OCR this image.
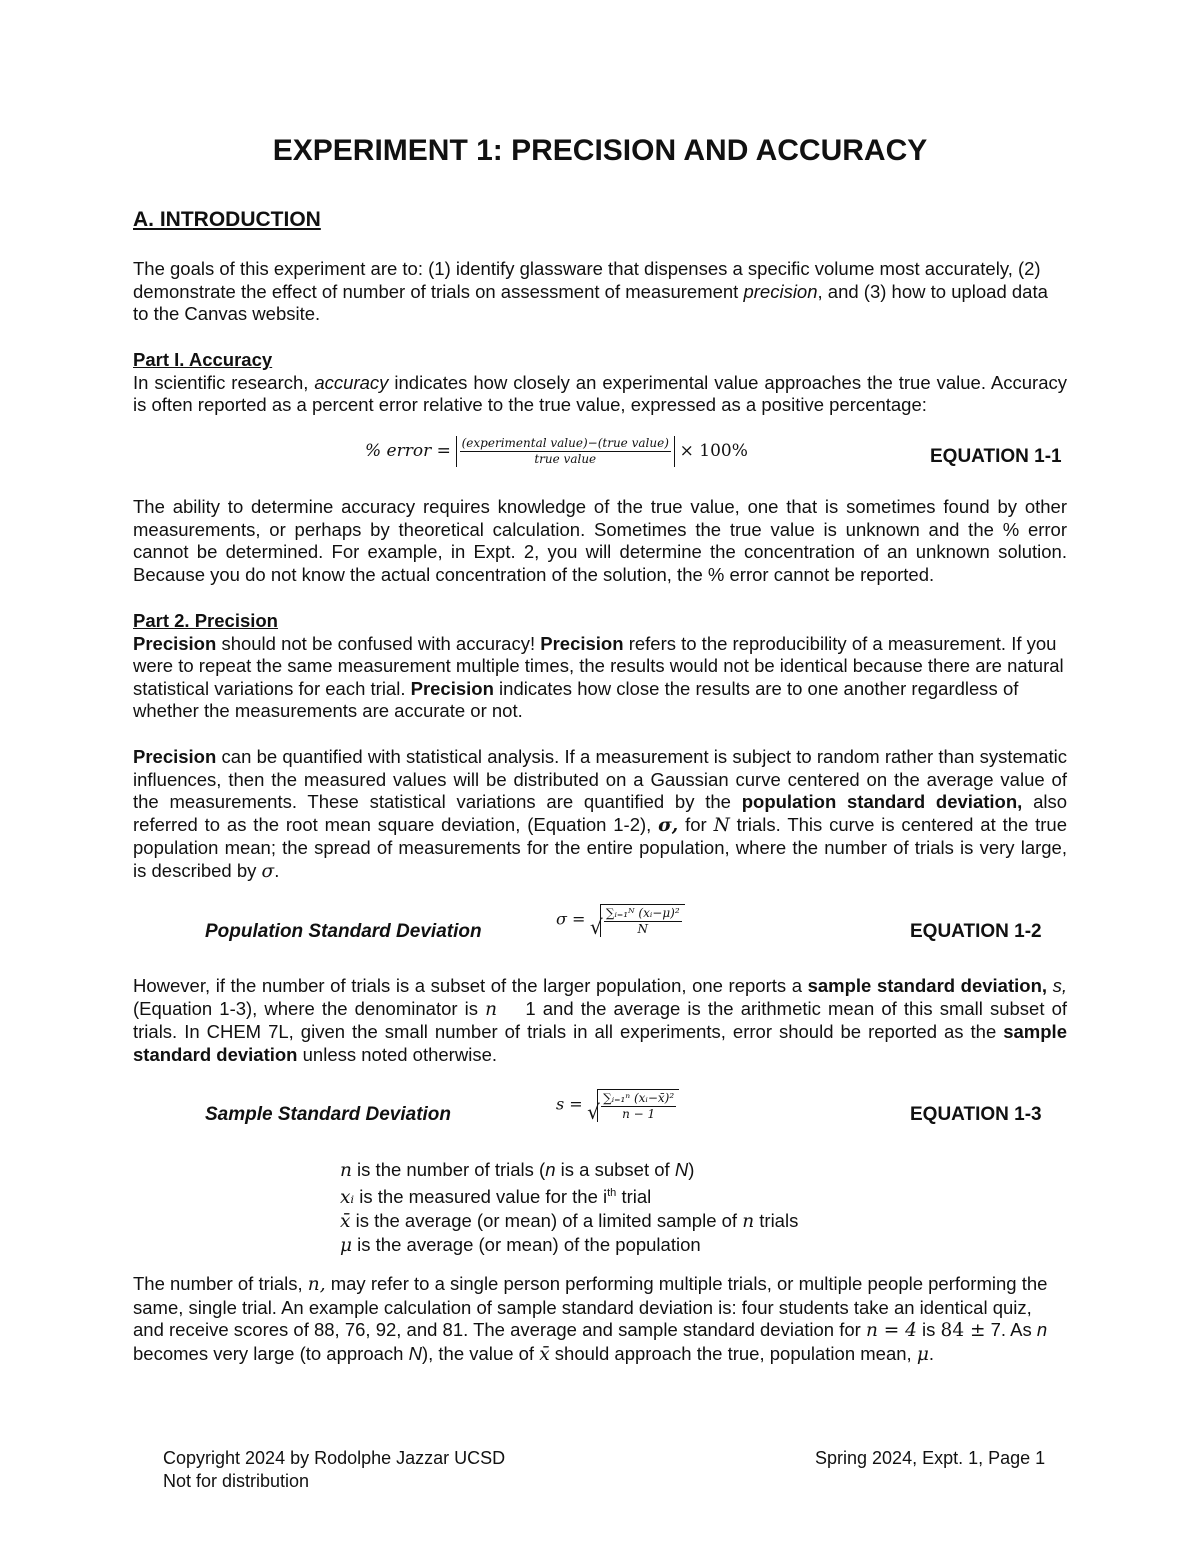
EXPERIMENT 1: PRECISION AND ACCURACY
A. INTRODUCTION

The goals of this experiment are to: (1) identify glassware that dispenses a specific volume most accurately, (2) demonstrate the effect of number of trials on assessment of measurement precision, and (3) how to upload data to the Canvas website.

Part I. Accuracy

In scientific research, accuracy indicates how closely an experimental value approaches the true value. Accuracy is often reported as a percent error relative to the true value, expressed as a positive percentage:

% error = $\frac{\text{(experimental value)−(true value)}}{\text{true value}} \times 100\%$	EQUATION 1-1
The ability to determine accuracy requires knowledge of the true value, one that is sometimes found by other measurements, or perhaps by theoretical calculation. Sometimes the true value is unknown and the % error cannot be determined. For example, in Expt. 2, you will determine the concentration of an unknown solution. Because you do not know the actual concentration of the solution, the % error cannot be reported.

Part 2. Precision

Precision should not be confused with accuracy! Precision refers to the reproducibility of a measurement. If you were to repeat the same measurement multiple times, the results would not be identical because there are natural statistical variations for each trial. Precision indicates how close the results are to one another regardless of whether the measurements are accurate or not.

Precision can be quantified with statistical analysis. If a measurement is subject to random rather than systematic influences, then the measured values will be distributed on a Gaussian curve centered on the average value of the measurements. These statistical variations are quantified by the population standard deviation, also referred to as the root mean square deviation, (Equation 1-2), σ, for N trials. This curve is centered at the true population mean; the spread of measurements for the entire population, where the number of trials is very large, is described by σ.
Population Standard Deviation
σ = √ $\frac{\text{∑ᵢ₌₁ᴺ (xᵢ−μ)²}}{N}$	EQUATION 1-2
However, if the number of trials is a subset of the larger population, one reports a sample standard deviation, s, (Equation 1-3), where the denominator is n 1 and the average is the arithmetic mean of this small subset of trials. In CHEM 7L, given the small number of trials in all experiments, error should be reported as the sample standard deviation unless noted otherwise.
Sample Standard Deviation	s = √ $\frac{\text{∑ᵢ₌₁ⁿ (xᵢ−x̄)²}}{n - 1}$	EQUATION 1-3
n is the number of trials (n is a subset of N)
xᵢ is the measured value for the $i^{th}$ trial
x̄ is the average (or mean) of a limited sample of n trials
μ is the average (or mean) of the population
The number of trials, n, may refer to a single person performing multiple trials, or multiple people performing the same, single trial. An example calculation of sample standard deviation is: four students take an identical quiz, and receive scores of 88, 76, 92, and 81. The average and sample standard deviation for n = 4 is 84 ± 7. As n becomes very large (to approach N), the value of x̄ should approach the true, population mean, μ.
Copyright 2024 by Rodolphe Jazzar UCSD
Not for distribution
Spring 2024, Expt. 1, Page 1
